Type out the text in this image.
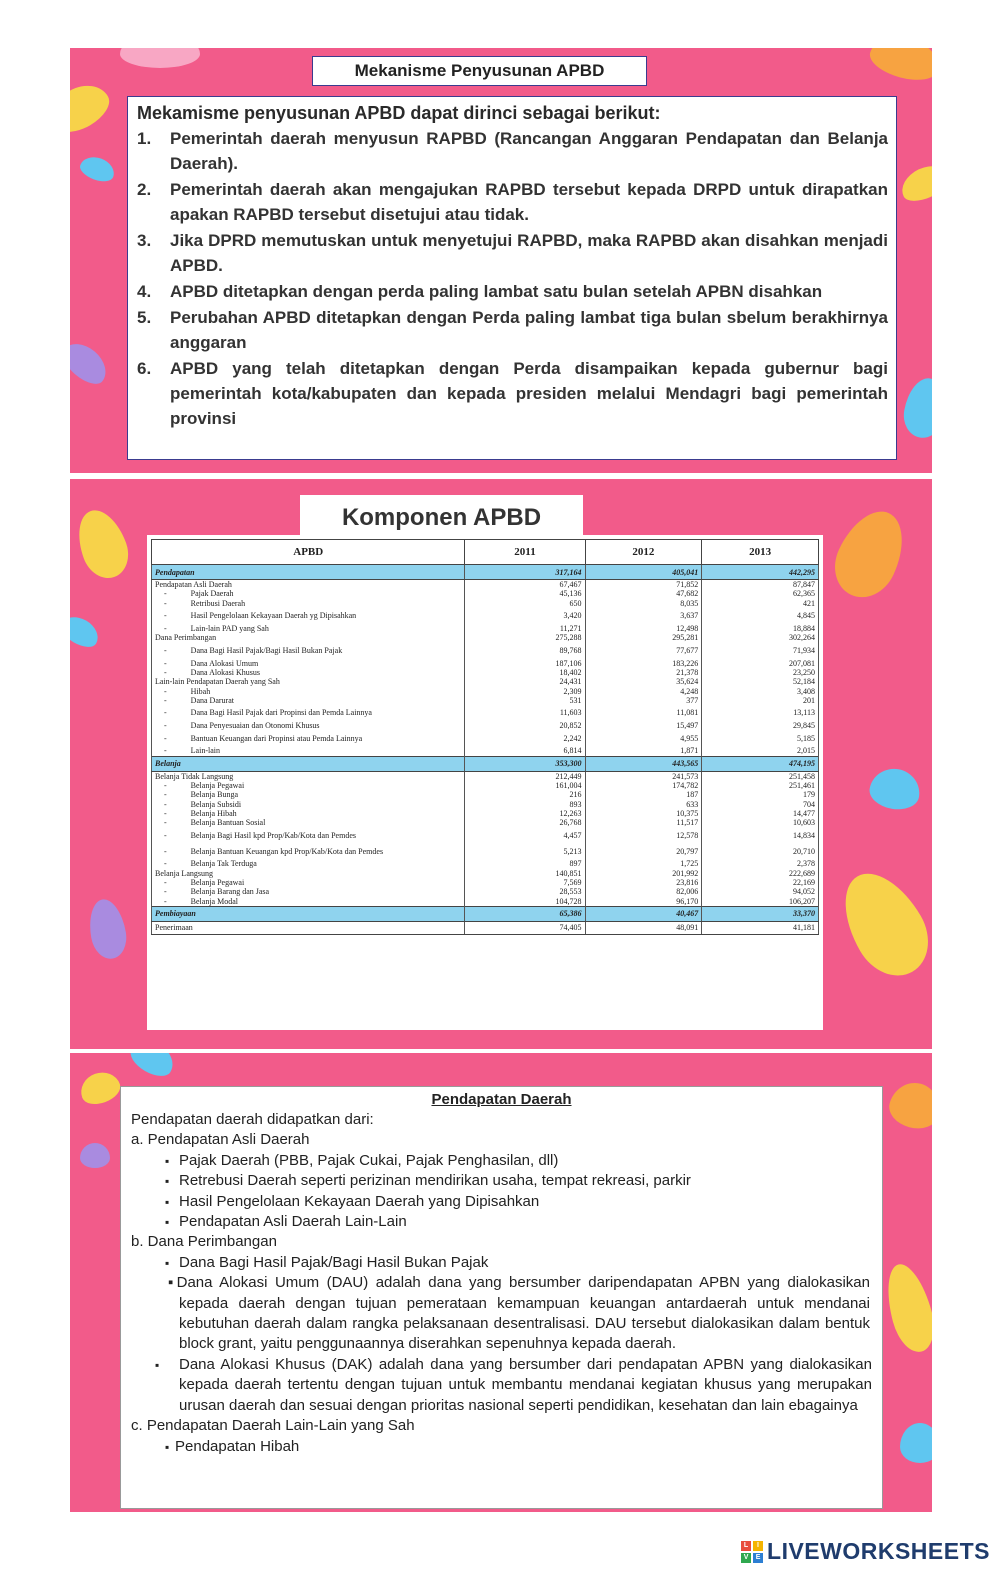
Mekanisme Penyusunan APBD
Mekamisme penyusunan APBD dapat dirinci sebagai berikut:
1.	Pemerintah daerah menyusun RAPBD (Rancangan Anggaran Pendapatan dan Belanja Daerah).
2.	Pemerintah daerah akan mengajukan RAPBD tersebut kepada DRPD untuk dirapatkan apakan RAPBD tersebut disetujui atau tidak.
3.	Jika DPRD memutuskan untuk menyetujui RAPBD, maka RAPBD akan disahkan menjadi APBD.
4.	APBD ditetapkan dengan perda paling lambat satu bulan setelah APBN disahkan
5.	Perubahan APBD ditetapkan dengan Perda paling lambat tiga bulan sbelum berakhirnya anggaran
6.	APBD yang telah ditetapkan dengan Perda disampaikan kepada gubernur bagi pemerintah kota/kabupaten dan kepada presiden melalui Mendagri bagi pemerintah provinsi
Komponen APBD
APBD	2011	2012	2013
Pendapatan	317,164	405,041	442,295
Pendapatan Asli Daerah	67,467	71,852	87,847
- Pajak Daerah	45,136	47,682	62,365
- Retribusi Daerah	650	8,035	421
- Hasil Pengelolaan Kekayaan Daerah yg Dipisahkan	3,420	3,637	4,845
- Lain-lain PAD yang Sah	11,271	12,498	18,884
Dana Perimbangan	275,288	295,281	302,264
- Dana Bagi Hasil Pajak/Bagi Hasil Bukan Pajak	89,768	77,677	71,934
- Dana Alokasi Umum	187,106	183,226	207,081
- Dana Alokasi Khusus	18,402	21,378	23,250
Lain-lain Pendapatan Daerah yang Sah	24,431	35,624	52,184
- Hibah	2,309	4,248	3,408
- Dana Darurat	531	377	201
- Dana Bagi Hasil Pajak dari Propinsi dan Pemda Lainnya	11,603	11,081	13,113
- Dana Penyesuaian dan Otonomi Khusus	20,852	15,497	29,845
- Bantuan Keuangan dari Propinsi atau Pemda Lainnya	2,242	4,955	5,185
- Lain-lain	6,814	1,871	2,015
Belanja	353,300	443,565	474,195
Belanja Tidak Langsung	212,449	241,573	251,458
- Belanja Pegawai	161,004	174,782	251,461
- Belanja Bunga	216	187	179
- Belanja Subsidi	893	633	704
- Belanja Hibah	12,263	10,375	14,477
- Belanja Bantuan Sosial	26,768	11,517	10,603
- Belanja Bagi Hasil kpd Prop/Kab/Kota dan Pemdes	4,457	12,578	14,834
- Belanja Bantuan Keuangan kpd Prop/Kab/Kota dan Pemdes	5,213	20,797	20,710
- Belanja Tak Terduga	897	1,725	2,378
Belanja Langsung	140,851	201,992	222,689
- Belanja Pegawai	7,569	23,816	22,169
- Belanja Barang dan Jasa	28,553	82,006	94,052
- Belanja Modal	104,728	96,170	106,207
Pembiayaan	65,386	40,467	33,370
Penerimaan	74,405	48,091	41,181
Pendapatan Daerah
Pendapatan daerah didapatkan dari:
a. Pendapatan Asli Daerah
▪ Pajak Daerah (PBB, Pajak Cukai, Pajak Penghasilan, dll)
▪ Retrebusi Daerah seperti perizinan mendirikan usaha, tempat rekreasi, parkir
▪ Hasil Pengelolaan Kekayaan Daerah yang Dipisahkan
▪ Pendapatan Asli Daerah Lain-Lain
b. Dana Perimbangan
▪ Dana Bagi Hasil Pajak/Bagi Hasil Bukan Pajak
▪Dana Alokasi Umum (DAU) adalah dana yang bersumber daripendapatan APBN yang dialokasikan kepada daerah dengan tujuan pemerataan kemampuan keuangan antardaerah untuk mendanai kebutuhan daerah dalam rangka pelaksanaan desentralisasi. DAU tersebut dialokasikan dalam bentuk block grant, yaitu penggunaannya diserahkan sepenuhnya kepada daerah.
▪ Dana Alokasi Khusus (DAK) adalah dana yang bersumber dari pendapatan APBN yang dialokasikan kepada daerah tertentu dengan tujuan untuk membantu mendanai kegiatan khusus yang merupakan urusan daerah dan sesuai dengan prioritas nasional seperti pendidikan, kesehatan dan lain ebagainya
c. Pendapatan Daerah Lain-Lain yang Sah
▪ Pendapatan Hibah
L	I
V	E LIVEWORKSHEETS
